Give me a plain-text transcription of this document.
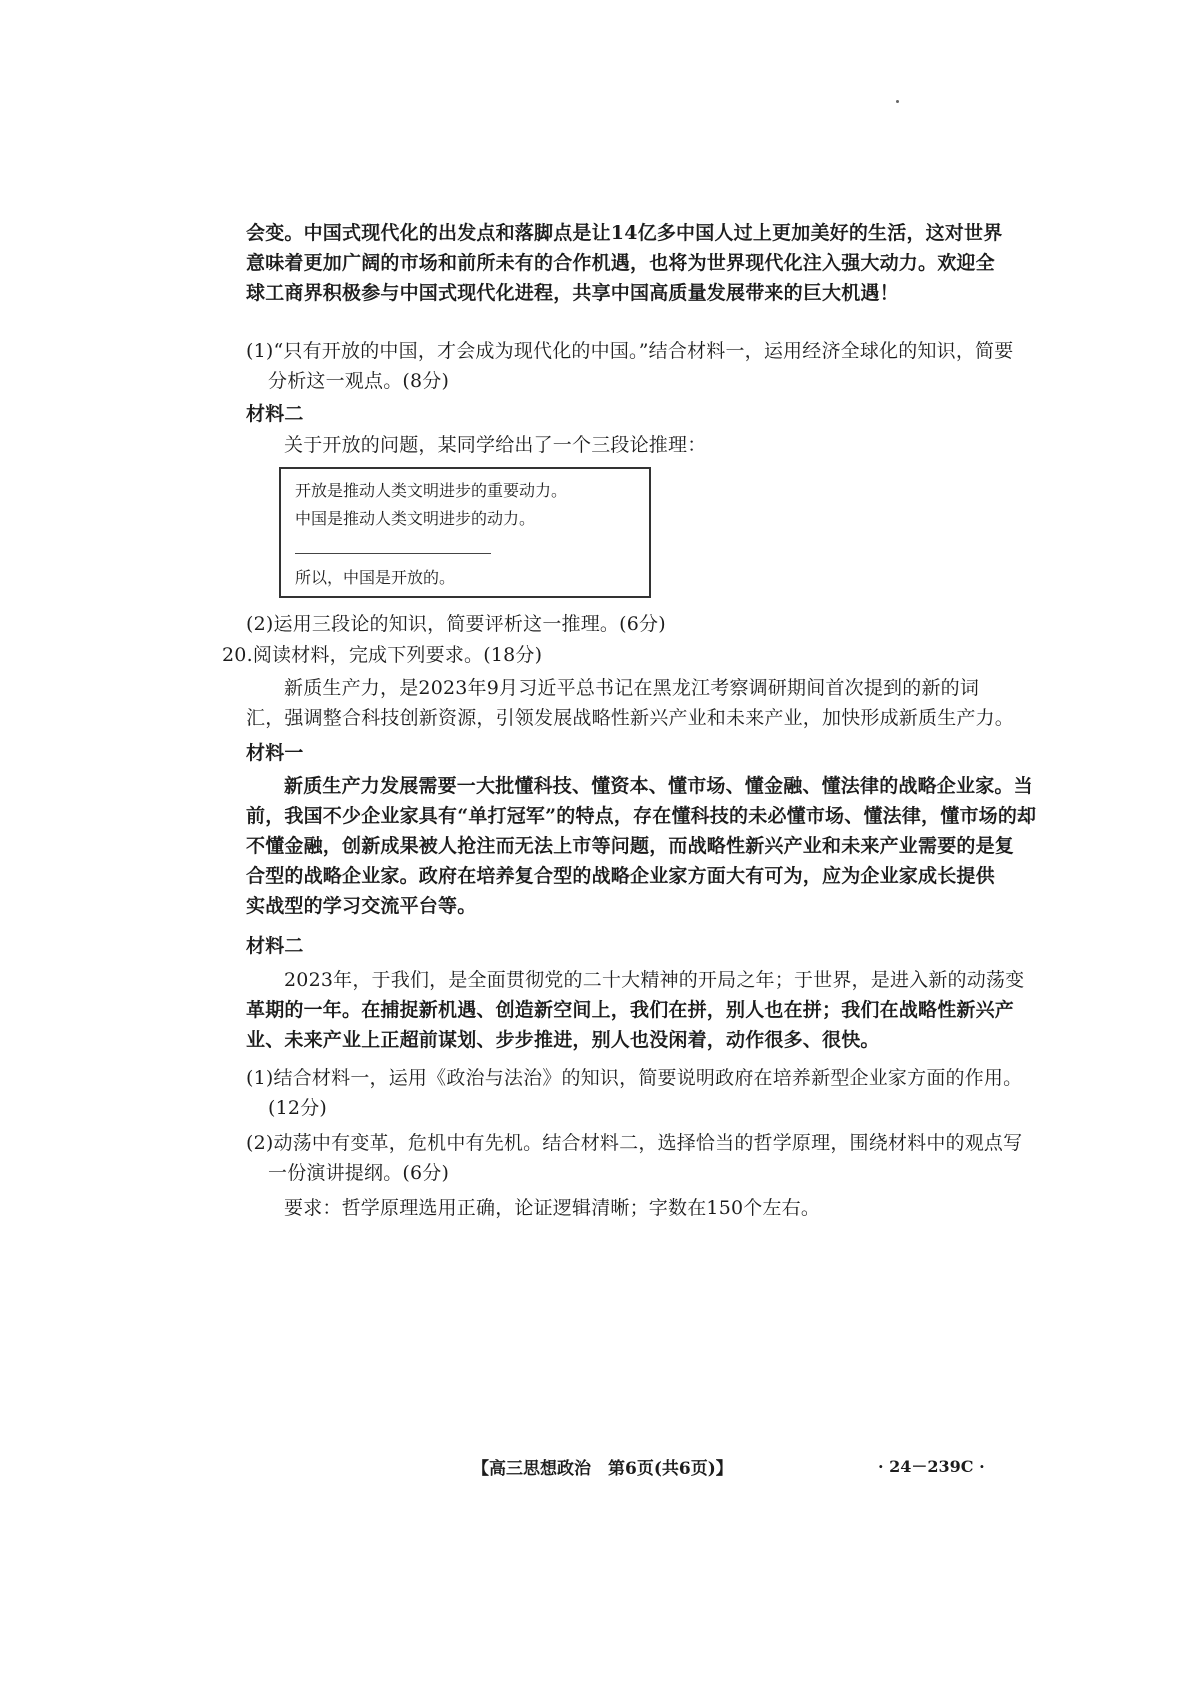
会变。中国式现代化的出发点和落脚点是让14亿多中国人过上更加美好的生活，这对世界

意味着更加广阔的市场和前所未有的合作机遇，也将为世界现代化注入强大动力。欢迎全

球工商界积极参与中国式现代化进程，共享中国高质量发展带来的巨大机遇！

(1)“只有开放的中国，才会成为现代化的中国。”结合材料一，运用经济全球化的知识，简要

分析这一观点。(8分)

材料二

关于开放的问题，某同学给出了一个三段论推理：

开放是推动人类文明进步的重要动力。

中国是推动人类文明进步的动力。

所以，中国是开放的。

(2)运用三段论的知识，简要评析这一推理。(6分)

20.阅读材料，完成下列要求。(18分)

新质生产力，是2023年9月习近平总书记在黑龙江考察调研期间首次提到的新的词

汇，强调整合科技创新资源，引领发展战略性新兴产业和未来产业，加快形成新质生产力。

材料一

新质生产力发展需要一大批懂科技、懂资本、懂市场、懂金融、懂法律的战略企业家。当

前，我国不少企业家具有“单打冠军”的特点，存在懂科技的未必懂市场、懂法律，懂市场的却

不懂金融，创新成果被人抢注而无法上市等问题，而战略性新兴产业和未来产业需要的是复

合型的战略企业家。政府在培养复合型的战略企业家方面大有可为，应为企业家成长提供

实战型的学习交流平台等。

材料二

2023年，于我们，是全面贯彻党的二十大精神的开局之年；于世界，是进入新的动荡变

革期的一年。在捕捉新机遇、创造新空间上，我们在拼，别人也在拼；我们在战略性新兴产

业、未来产业上正超前谋划、步步推进，别人也没闲着，动作很多、很快。

(1)结合材料一，运用《政治与法治》的知识，简要说明政府在培养新型企业家方面的作用。

(12分)

(2)动荡中有变革，危机中有先机。结合材料二，选择恰当的哲学原理，围绕材料中的观点写

一份演讲提纲。(6分)

要求：哲学原理选用正确，论证逻辑清晰；字数在150个左右。

【高三思想政治　第6页(共6页)】	· 24－239C ·
